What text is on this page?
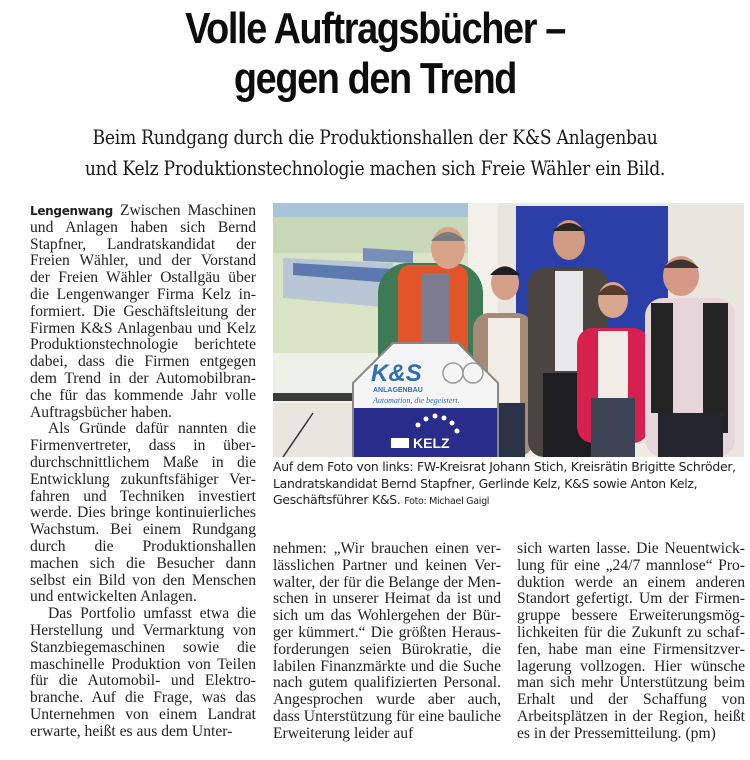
Volle Auftragsbücher –
gegen den Trend

Beim Rundgang durch die Produktionshallen der K&S Anlagenbau
und Kelz Produktionstechnologie machen sich Freie Wähler ein Bild.

Lengenwang Zwischen Maschinen und Anlagen haben sich Bernd Stapfner, Landratskandidat der Freien Wähler, und der Vorstand der Freien Wähler Ostallgäu über die Lengenwanger Firma Kelz informiert. Die Geschäftsleitung der Firmen K&S Anlagenbau und Kelz Produktionstechnologie berichtete dabei, dass die Firmen entgegen dem Trend in der Automobilbranche für das kommende Jahr volle Auftragsbücher haben.

Als Gründe dafür nannten die Firmenvertreter, dass in überdurchschnittlichem Maße in die Entwicklung zukunftsfähiger Verfahren und Techniken investiert werde. Dies bringe kontinuierliches Wachstum. Bei einem Rundgang durch die Produktionshallen machen sich die Besucher dann selbst ein Bild von den Menschen und entwickelten Anlagen.

Das Portfolio umfasst etwa die Herstellung und Vermarktung von Stanzbiegemaschinen sowie die maschinelle Produktion von Teilen für die Automobil- und Elektrobranche. Auf die Frage, was das Unternehmen von einem Landrat erwarte, heißt es aus dem Unter-

K&S
ANLAGENBAU
Automation, die begeistert.
KELZ
Auf dem Foto von links: FW-Kreisrat Johann Stich, Kreisrätin Brigitte Schröder, Landratskandidat Bernd Stapfner, Gerlinde Kelz, K&S sowie Anton Kelz, Geschäftsführer K&S. Foto: Michael Gaigl

nehmen: „Wir brauchen einen verlässlichen Partner und keinen Verwalter, der für die Belange der Menschen in unserer Heimat da ist und sich um das Wohlergehen der Bürger kümmert.“ Die größten Herausforderungen seien Bürokratie, die labilen Finanzmärkte und die Suche nach gutem qualifizierten Personal. Angesprochen wurde aber auch, dass Unterstützung für eine bauliche Erweiterung leider auf

sich warten lasse. Die Neuentwicklung für eine „24/7 mannlose“ Produktion werde an einem anderen Standort gefertigt. Um der Firmengruppe bessere Erweiterungsmöglichkeiten für die Zukunft zu schaffen, habe man eine Firmensitzverlagerung vollzogen. Hier wünsche man sich mehr Unterstützung beim Erhalt und der Schaffung von Arbeitsplätzen in der Region, heißt es in der Pressemitteilung. (pm)
